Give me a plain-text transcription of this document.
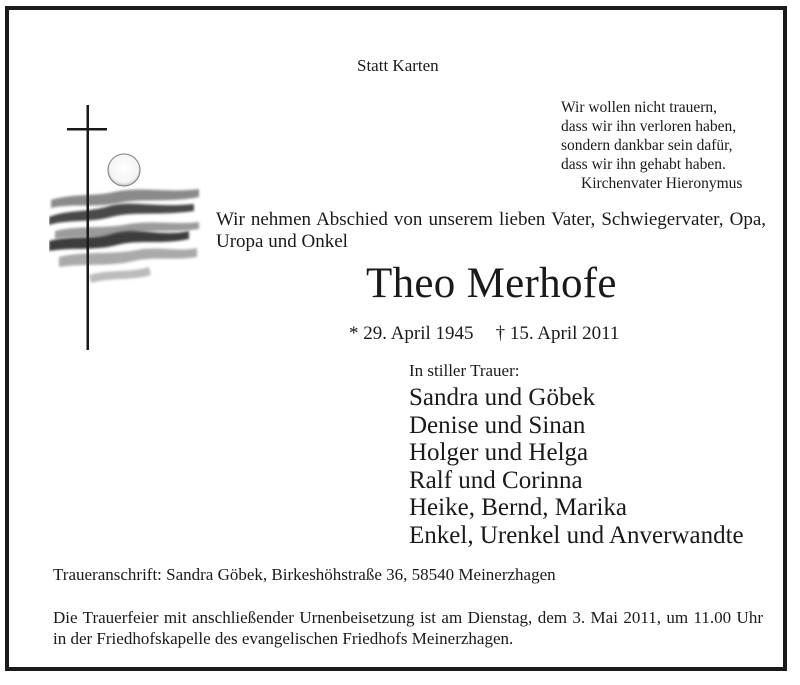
Statt Karten
Wir wollen nicht trauern,
dass wir ihn verloren haben,
sondern dankbar sein dafür,
dass wir ihn gehabt haben.
Kirchenvater Hieronymus
Wir nehmen Abschied von unserem lieben Vater, Schwiegervater, Opa, Uropa und Onkel
Theo Merhofe
* 29. April 1945 † 15. April 2011
In stiller Trauer:
Sandra und Göbek
Denise und Sinan
Holger und Helga
Ralf und Corinna
Heike, Bernd, Marika
Enkel, Urenkel und Anverwandte
Traueranschrift: Sandra Göbek, Birkeshöhstraße 36, 58540 Meinerzhagen
Die Trauerfeier mit anschließender Urnenbeisetzung ist am Dienstag, dem 3. Mai 2011, um 11.00 Uhr in der Friedhofskapelle des evangelischen Friedhofs Meinerzhagen.
